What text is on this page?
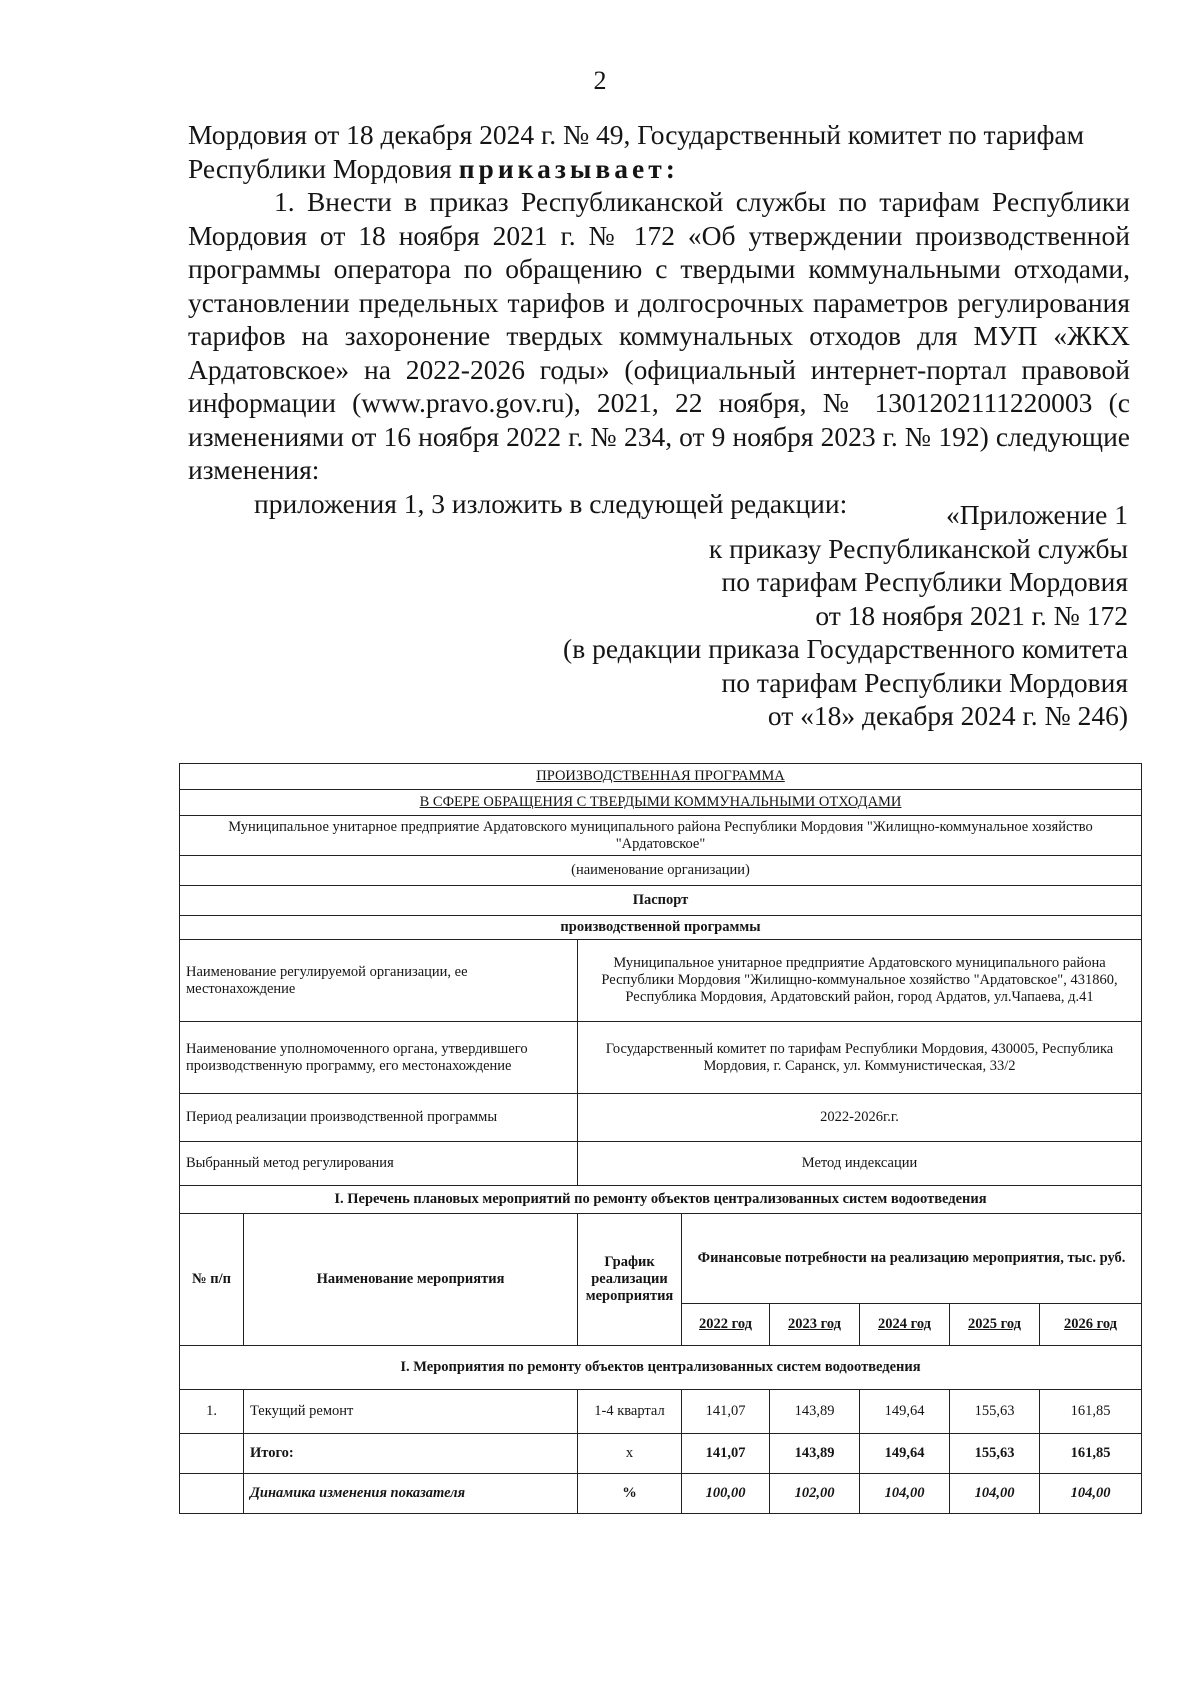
2
Мордовия от 18 декабря 2024 г. № 49, Государственный комитет по тарифам
Республики Мордовия приказывает:
1. Внести в приказ Республиканской службы по тарифам Республики Мордовия от 18 ноября 2021 г. № 172 «Об утверждении производственной программы оператора по обращению с твердыми коммунальными отходами, установлении предельных тарифов и долгосрочных параметров регулирования тарифов на захоронение твердых коммунальных отходов для МУП «ЖКХ Ардатовское» на 2022-2026 годы» (официальный интернет-портал правовой информации (www.pravo.gov.ru), 2021, 22 ноября, № 1301202111220003 (с изменениями от 16 ноября 2022 г. № 234, от 9 ноября 2023 г. № 192) следующие изменения:
приложения 1, 3 изложить в следующей редакции:	«Приложение 1
к приказу Республиканской службы
по тарифам Республики Мордовия
от 18 ноября 2021 г. № 172
(в редакции приказа Государственного комитета
по тарифам Республики Мордовия
от «18» декабря 2024 г. № 246)
ПРОИЗВОДСТВЕННАЯ ПРОГРАММА							
В СФЕРЕ ОБРАЩЕНИЯ С ТВЕРДЫМИ КОММУНАЛЬНЫМИ ОТХОДАМИ							
Муниципальное унитарное предприятие Ардатовского муниципального района Республики Мордовия "Жилищно-коммунальное хозяйство "Ардатовское"							
(наименование организации)							
Паспорт							
производственной программы							
Наименование регулируемой организации, ее местонахождение		Муниципальное унитарное предприятие Ардатовского муниципального района Республики Мордовия "Жилищно-коммунальное хозяйство "Ардатовское", 431860, Республика Мордовия, Ардатовский район, город Ардатов, ул.Чапаева, д.41					
Наименование уполномоченного органа, утвердившего производственную программу, его местонахождение		Государственный комитет по тарифам Республики Мордовия, 430005, Республика Мордовия, г. Саранск, ул. Коммунистическая, 33/2					
Период реализации производственной программы		2022-2026г.г.					
Выбранный метод регулирования		Метод индексации					
I. Перечень плановых мероприятий по ремонту объектов централизованных систем водоотведения							
№ п/п	Наименование мероприятия	График реализации мероприятия	Финансовые потребности на реализацию мероприятия, тыс. руб.				
			2022 год	2023 год	2024 год	2025 год	2026 год
I. Мероприятия по ремонту объектов централизованных систем водоотведения							
1.	Текущий ремонт	1-4 квартал	141,07	143,89	149,64	155,63	161,85
	Итого:	х	141,07	143,89	149,64	155,63	161,85
	Динамика изменения показателя	%	100,00	102,00	104,00	104,00	104,00
